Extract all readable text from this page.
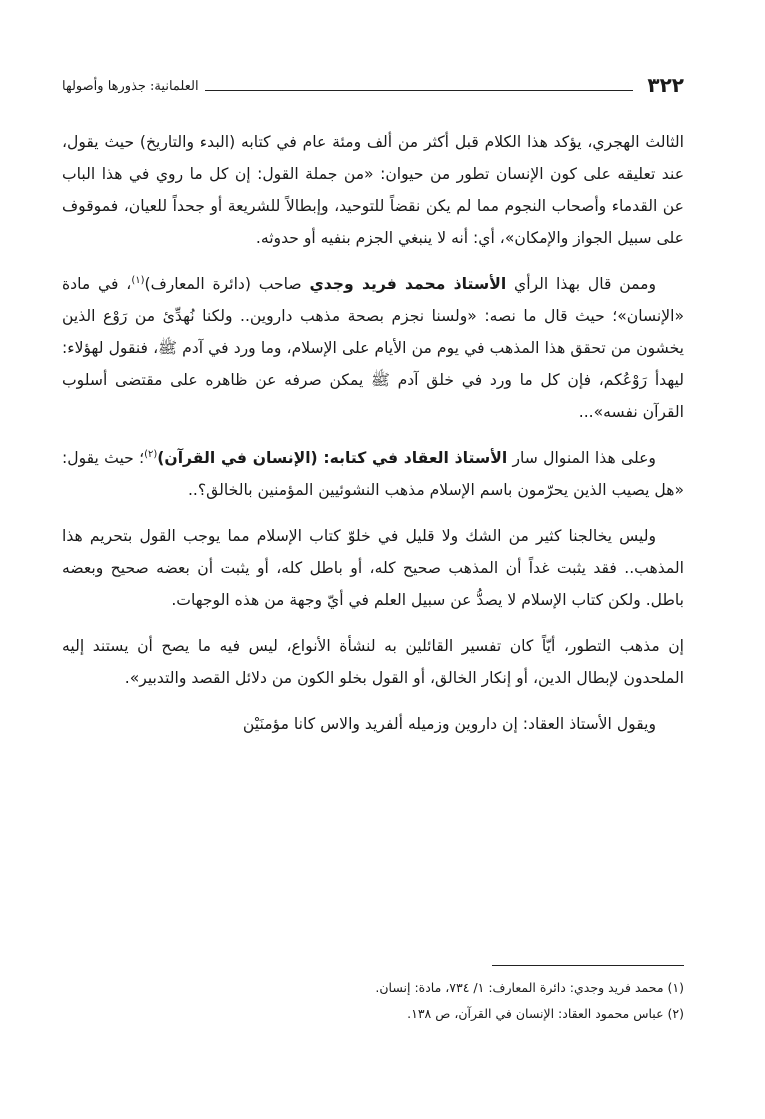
٣٢٢
العلمانية: جذورها وأصولها

الثالث الهجري، يؤكد هذا الكلام قبل أكثر من ألف ومئة عام في كتابه (البدء والتاريخ) حيث يقول، عند تعليقه على كون الإنسان تطور من حيوان: «من جملة القول: إن كل ما روي في هذا الباب عن القدماء وأصحاب النجوم مما لم يكن نقضاً للتوحيد، وإبطالاً للشريعة أو جحداً للعيان، فموقوف على سبيل الجواز والإمكان»، أي: أنه لا ينبغي الجزم بنفيه أو حدوثه.

وممن قال بهذا الرأي الأستاذ محمد فريد وجدي صاحب (دائرة المعارف)$^{(١)}$، في مادة «الإنسان»؛ حيث قال ما نصه: «ولسنا نجزم بصحة مذهب داروين.. ولكنا نُهدِّئ من رَوْع الذين يخشون من تحقق هذا المذهب في يوم من الأيام على الإسلام، وما ورد في آدم ﷺ، فنقول لهؤلاء: ليهدأ رَوْعُكم، فإن كل ما ورد في خلق آدم ﷺ يمكن صرفه عن ظاهره على مقتضى أسلوب القرآن نفسه»...

وعلى هذا المنوال سار الأستاذ العقاد في كتابه: (الإنسان في القرآن)$^{(٢)}$؛ حيث يقول: «هل يصيب الذين يحرّمون باسم الإسلام مذهب النشوئيين المؤمنين بالخالق؟..

وليس يخالجنا كثير من الشك ولا قليل في خلوّ كتاب الإسلام مما يوجب القول بتحريم هذا المذهب.. فقد يثبت غداً أن المذهب صحيح كله، أو باطل كله، أو يثبت أن بعضه صحيح وبعضه باطل. ولكن كتاب الإسلام لا يصدُّ عن سبيل العلم في أيّ وجهة من هذه الوجهات.

إن مذهب التطور، أيّاً كان تفسير القائلين به لنشأة الأنواع، ليس فيه ما يصح أن يستند إليه الملحدون لإبطال الدين، أو إنكار الخالق، أو القول بخلو الكون من دلائل القصد والتدبير».

ويقول الأستاذ العقاد: إن داروين وزميله ألفريد والاس كانا مؤمنَيْن

(١) محمد فريد وجدي: دائرة المعارف: ١/ ٧٣٤، مادة: إنسان.
(٢) عباس محمود العقاد: الإنسان في القرآن، ص ١٣٨.
